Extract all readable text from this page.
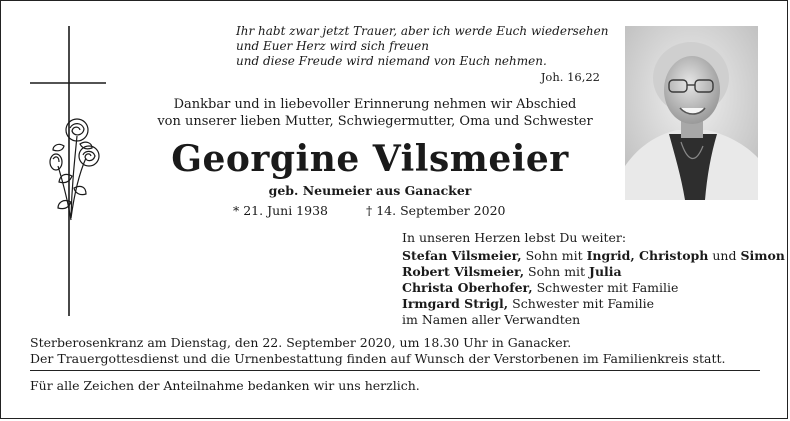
Ihr habt zwar jetzt Trauer, aber ich werde Euch wiedersehen
und Euer Herz wird sich freuen
und diese Freude wird niemand von Euch nehmen.
Joh. 16,22
Dankbar und in liebevoller Erinnerung nehmen wir Abschied
von unserer lieben Mutter, Schwiegermutter, Oma und Schwester
Georgine Vilsmeier
geb. Neumeier aus Ganacker
* 21. Juni 1938	† 14. September 2020
In unseren Herzen lebst Du weiter:
Stefan Vilsmeier, Sohn mit Ingrid, Christoph und Simon
Robert Vilsmeier, Sohn mit Julia
Christa Oberhofer, Schwester mit Familie
Irmgard Strigl, Schwester mit Familie
im Namen aller Verwandten
Sterberosenkranz am Dienstag, den 22. September 2020, um 18.30 Uhr in Ganacker.
Der Trauergottesdienst und die Urnenbestattung finden auf Wunsch der Verstorbenen im Familienkreis statt.
Für alle Zeichen der Anteilnahme bedanken wir uns herzlich.
